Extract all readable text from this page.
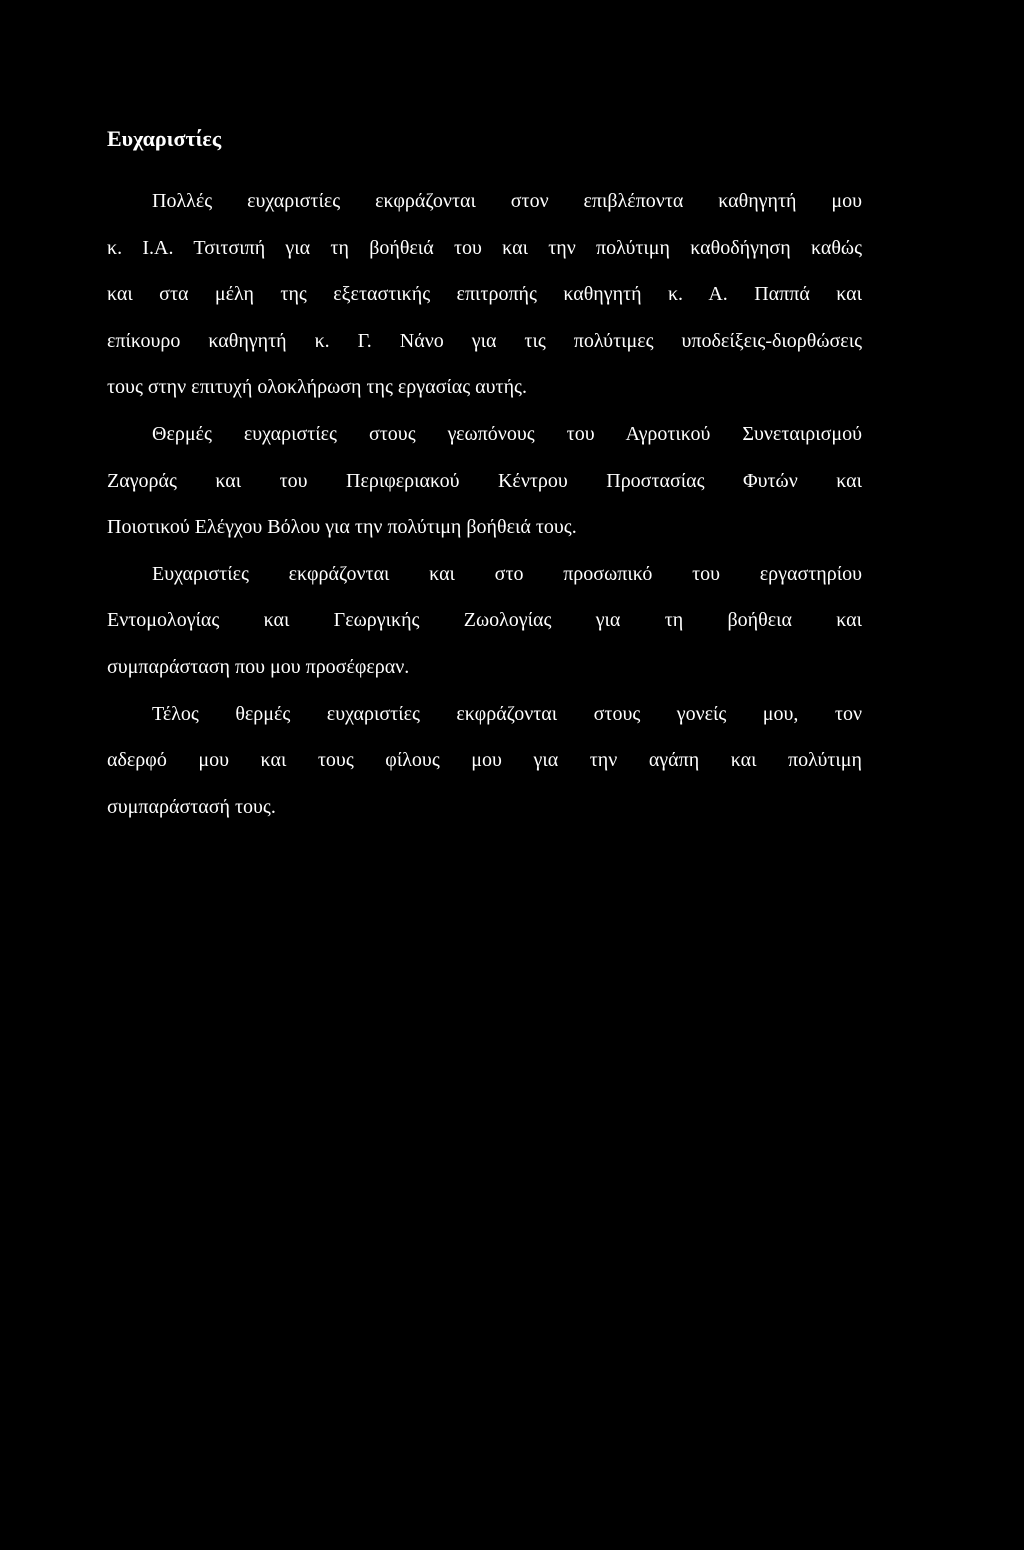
Ευχαριστίες
Πολλές ευχαριστίες εκφράζονται στον επιβλέποντα καθηγητή μου
κ. Ι.Α. Τσιτσιπή για τη βοήθειά του και την πολύτιμη καθοδήγηση καθώς
και στα μέλη της εξεταστικής επιτροπής καθηγητή κ. Α. Παππά και
επίκουρο καθηγητή κ. Γ. Νάνο για τις πολύτιμες υποδείξεις-διορθώσεις
τους στην επιτυχή ολοκλήρωση της εργασίας αυτής.
Θερμές ευχαριστίες στους γεωπόνους του Αγροτικού Συνεταιρισμού
Ζαγοράς και του Περιφεριακού Κέντρου Προστασίας Φυτών και
Ποιοτικού Ελέγχου Βόλου για την πολύτιμη βοήθειά τους.
Ευχαριστίες εκφράζονται και στο προσωπικό του εργαστηρίου
Εντομολογίας και Γεωργικής Ζωολογίας για τη βοήθεια και
συμπαράσταση που μου προσέφεραν.
Τέλος θερμές ευχαριστίες εκφράζονται στους γονείς μου, τον
αδερφό μου και τους φίλους μου για την αγάπη και πολύτιμη
συμπαράστασή τους.
